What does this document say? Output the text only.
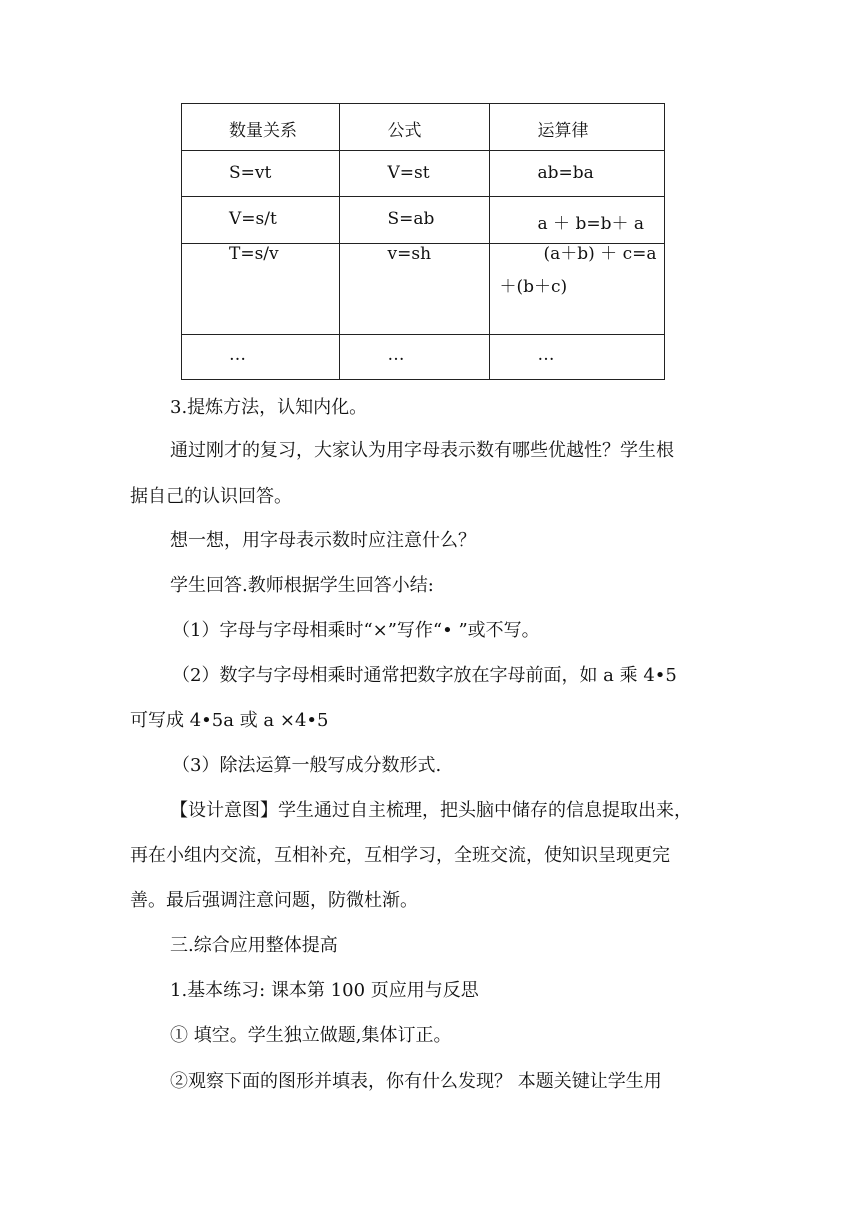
数量关系	公式	运算律

S=vt	V=st	ab=ba

V=s/t	S=ab	a ＋ b=b＋ a

T=s/v	v=sh	(a＋b) ＋ c=a
＋(b＋c)

…	…	…
3.提炼方法，认知内化。
通过刚才的复习，大家认为用字母表示数有哪些优越性？学生根
据自己的认识回答。
想一想，用字母表示数时应注意什么？
学生回答.教师根据学生回答小结:
（1）字母与字母相乘时“×”写作“• ”或不写。
（2）数字与字母相乘时通常把数字放在字母前面，如 a 乘 4•5
可写成 4•5a 或 a ×4•5
（3）除法运算一般写成分数形式.
【设计意图】学生通过自主梳理，把头脑中储存的信息提取出来，
再在小组内交流，互相补充，互相学习，全班交流，使知识呈现更完
善。最后强调注意问题，防微杜渐。
三.综合应用整体提高
1.基本练习: 课本第 100 页应用与反思
① 填空。学生独立做题,集体订正。
②观察下面的图形并填表，你有什么发现？ 本题关键让学生用
